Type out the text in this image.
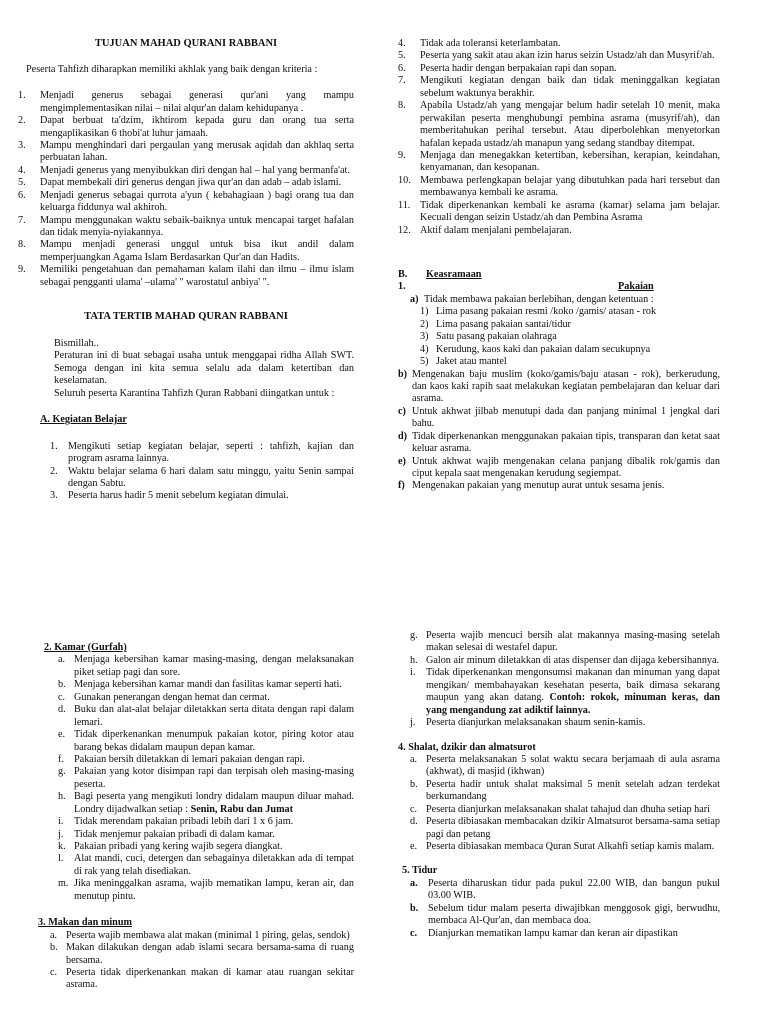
TUJUAN MAHAD QURANI RABBANI

Peserta Tahfizh diharapkan memiliki akhlak yang baik dengan kriteria :

1.	Menjadi generus sebagai generasi qur'ani yang mampu mengimplementasikan nilai – nilai alqur'an dalam kehidupanya .
2.	Dapat berbuat ta'dzim, ikhtirom kepada guru dan orang tua serta mengaplikasikan 6 thobi'at luhur jamaah.
3.	Mampu menghindari dari pergaulan yang merusak aqidah dan akhlaq serta perbuatan lahan.
4.	Menjadi generus yang menyibukkan diri dengan hal – hal yang bermanfa'at.
5.	Dapat membekali diri generus dengan jiwa qur'an dan adab – adab islami.
6.	Menjadi generus sebagai qurrota a'yun ( kebahagiaan ) bagi orang tua dan keluarga fiddunya wal akhiroh.
7.	Mampu menggunakan waktu sebaik-baiknya untuk mencapai target hafalan dan tidak menyia-nyiakannya.
8.	Mampu menjadi generasi unggul untuk bisa ikut andil dalam memperjuangkan Agama Islam Berdasarkan Qur'an dan Hadits.
9.	Memiliki pengetahuan dan pemahaman kalam ilahi dan ilmu – ilmu islam sebagai pengganti ulama' –ulama' " warostatul anbiya' ".

TATA TERTIB MAHAD QURAN RABBANI

Bismillah..

Peraturan ini di buat sebagai usaha untuk menggapai ridha Allah SWT. Semoga dengan ini kita semua selalu ada dalam ketertiban dan keselamatan.

Seluruh peserta Karantina Tahfizh Quran Rabbani diingatkan untuk :

A. Kegiatan Belajar

1.	Mengikuti setiap kegiatan belajar, seperti : tahfizh, kajian dan program asrama lainnya.
2.	Waktu belajar selama 6 hari dalam satu minggu, yaitu Senin sampai dengan Sabtu.
3.	Peserta harus hadir 5 menit sebelum kegiatan dimulai.
4.	Tidak ada toleransi keterlambatan.
5.	Peserta yang sakit atau akan izin harus seizin Ustadz/ah dan Musyrif/ah.
6.	Peserta hadir dengan berpakaian rapi dan sopan.
7.	Mengikuti kegiatan dengan baik dan tidak meninggalkan kegiatan sebelum waktunya berakhir.
8.	Apabila Ustadz/ah yang mengajar belum hadir setelah 10 menit, maka perwakilan peserta menghubungi pembina asrama (musyrif/ah), dan memberitahukan perihal tersebut. Atau diperbolehkan menyetorkan hafalan kepada ustadz/ah manapun yang sedang standbay ditempat.
9.	Menjaga dan menegakkan ketertiban, kebersihan, kerapian, keindahan, kenyamanan, dan kesopanan.
10. Membawa perlengkapan belajar yang dibutuhkan pada hari tersebut dan membawanya kembali ke asrama.
11. Tidak diperkenankan kembali ke asrama (kamar) selama jam belajar. Kecuali dengan seizin Ustadz/ah dan Pembina Asrama
12. Aktif dalam menjalani pembelajaran.
B.	Keasramaan
1.	Pakaian
a) Tidak membawa pakaian berlebihan, dengan ketentuan :
1) Lima pasang pakaian resmi /koko /gamis/ atasan - rok
2) Lima pasang pakaian santai/tidur
3) Satu pasang pakaian olahraga
4) Kerudung, kaos kaki dan pakaian dalam secukupnya
5) Jaket atau mantel
b) Mengenakan baju muslim (koko/gamis/baju atasan - rok), berkerudung, dan kaos kaki rapih saat melakukan kegiatan pembelajaran dan keluar dari asrama.
c) Untuk akhwat jilbab menutupi dada dan panjang minimal 1 jengkal dari bahu.
d) Tidak diperkenankan menggunakan pakaian tipis, transparan dan ketat saat keluar asrama.
e) Untuk akhwat wajib mengenakan celana panjang dibalik rok/gamis dan ciput kepala saat mengenakan kerudung segiempat.
f) Mengenakan pakaian yang menutup aurat untuk sesama jenis.

2. Kamar (Gurfah)

a. Menjaga kebersihan kamar masing-masing, dengan melaksanakan piket setiap pagi dan sore.
b. Menjaga kebersihan kamar mandi dan fasilitas kamar seperti hati.
c. Gunakan penerangan dengan hemat dan cermat.
d. Buku dan alat-alat belajar diletakkan serta ditata dengan rapi dalam lemari.
e. Tidak diperkenankan menumpuk pakaian kotor, piring kotor atau barang bekas didalam maupun depan kamar.
f. Pakaian bersih diletakkan di lemari pakaian dengan rapi.
g. Pakaian yang kotor disimpan rapi dan terpisah oleh masing-masing peserta.
h. Bagi peserta yang mengikuti londry didalam maupun diluar mahad. Londry dijadwalkan setiap : Senin, Rabu dan Jumat
i.	Tidak merendam pakaian pribadi lebih dari 1 x 6 jam.
j.	Tidak menjemur pakaian pribadi di dalam kamar.
k. Pakaian pribadi yang kering wajib segera diangkat.
l.	Alat mandi, cuci, detergen dan sebagainya diletakkan ada di tempat di rak yang telah disediakan.
m. Jika meninggalkan asrama, wajib mematikan lampu, keran air, dan menutup pintu.

3. Makan dan minum

a. Peserta wajib membawa alat makan (minimal 1 piring, gelas, sendok)
b. Makan dilakukan dengan adab islami secara bersama-sama di ruang bersama.
c. Peserta tidak diperkenankan makan di kamar atau ruangan sekitar asrama.
g. Peserta wajib mencuci bersih alat makannya masing-masing setelah makan selesai di westafel dapur.
h. Galon air minum diletakkan di atas dispenser dan dijaga kebersihannya.
i.	Tidak diperkenankan mengonsumsi makanan dan minuman yang dapat mengikan/ membahayakan kesehatan peserta, baik dimasa sekarang maupun yang akan datang. Contoh: rokok, minuman keras, dan yang mengandung zat adiktif lainnya.
j.	Peserta dianjurkan melaksanakan shaum senin-kamis.

4. Shalat, dzikir dan almatsurot

a. Peserta melaksanakan 5 solat waktu secara berjamaah di aula asrama (akhwat), di masjid (ikhwan)
b. Peserta hadir untuk shalat maksimal 5 menit setelah adzan terdekat berkumandang
c. Peserta dianjurkan melaksanakan shalat tahajud dan dhuha setiap hari
d. Peserta dibiasakan membacakan dzikir Almatsurot bersama-sama setiap pagi dan petang
e. Peserta dibiasakan membaca Quran Surat Alkahfi setiap kamis malam.

5. Tidur

a.	Peserta diharuskan tidur pada pukul 22.00 WIB, dan bangun pukul 03.00 WIB.
b. Sebelum tidur malam peserta diwajibkan menggosok gigi, berwudhu, membaca Al-Qur'an, dan membaca doa.
c.	Dianjurkan mematikan lampu kamar dan keran air dipastikan
